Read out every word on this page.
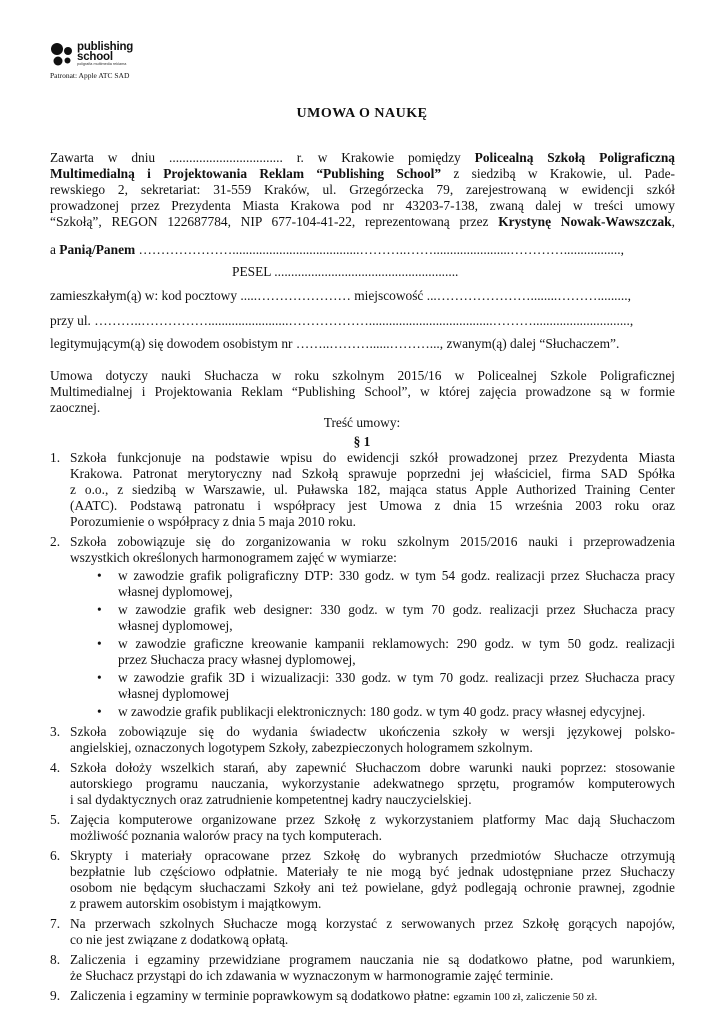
publishing
school
poligrafia multimedia reklama
Patronat: Apple ATC SAD
UMOWA O NAUKĘ
Zawarta w dniu .................................. r. w Krakowie pomiędzy Policealną Szkołą Poligraficzną
Multimedialną i Projektowania Reklam “Publishing School” z siedzibą w Krakowie, ul. Pade-
rewskiego 2, sekretariat: 31-559 Kraków, ul. Grzegórzecka 79, zarejestrowaną w ewidencji szkół
prowadzonej przez Prezydenta Miasta Krakowa pod nr 43203-7-138, zwaną dalej w treści umowy
“Szkołą”, REGON 122687784, NIP 677-104-41-22, reprezentowaną przez Krystynę Nowak-Wawszczak,
a Panią/Panem …………………......................................………..…….......................………….................,
PESEL .......................................................
zamieszkałym(ą) w: kod pocztowy .....………………… miejscowość ...…………………........……….........,
przy ul. ………..……………........................……………….....................................……….............................,
legitymującym(ą) się dowodem osobistym nr ……..………......………..., zwanym(ą) dalej “Słuchaczem”.
Umowa dotyczy nauki Słuchacza w roku szkolnym 2015/16 w Policealnej Szkole Poligraficznej
Multimedialnej i Projektowania Reklam “Publishing School”, w której zajęcia prowadzone są w formie
zaocznej.
Treść umowy:
§ 1
1. Szkoła funkcjonuje na podstawie wpisu do ewidencji szkół prowadzonej przez Prezydenta Miasta
Krakowa. Patronat merytoryczny nad Szkołą sprawuje poprzedni jej właściciel, firma SAD Spółka
z o.o., z siedzibą w Warszawie, ul. Puławska 182, mająca status Apple Authorized Training Center
(AATC). Podstawą patronatu i współpracy jest Umowa z dnia 15 września 2003 roku oraz
Porozumienie o współpracy z dnia 5 maja 2010 roku.
2. Szkoła zobowiązuje się do zorganizowania w roku szkolnym 2015/2016 nauki i przeprowadzenia
wszystkich określonych harmonogramem zajęć w wymiarze:
• w zawodzie grafik poligraficzny DTP: 330 godz. w tym 54 godz. realizacji przez Słuchacza pracy
własnej dyplomowej,
• w zawodzie grafik web designer: 330 godz. w tym 70 godz. realizacji przez Słuchacza pracy
własnej dyplomowej,
• w zawodzie graficzne kreowanie kampanii reklamowych: 290 godz. w tym 50 godz. realizacji
przez Słuchacza pracy własnej dyplomowej,
• w zawodzie grafik 3D i wizualizacji: 330 godz. w tym 70 godz. realizacji przez Słuchacza pracy
własnej dyplomowej
• w zawodzie grafik publikacji elektronicznych: 180 godz. w tym 40 godz. pracy własnej edycyjnej.
3. Szkoła zobowiązuje się do wydania świadectw ukończenia szkoły w wersji językowej polsko-
angielskiej, oznaczonych logotypem Szkoły, zabezpieczonych hologramem szkolnym.
4. Szkoła dołoży wszelkich starań, aby zapewnić Słuchaczom dobre warunki nauki poprzez: stosowanie
autorskiego programu nauczania, wykorzystanie adekwatnego sprzętu, programów komputerowych
i sal dydaktycznych oraz zatrudnienie kompetentnej kadry nauczycielskiej.
5. Zajęcia komputerowe organizowane przez Szkołę z wykorzystaniem platformy Mac dają Słuchaczom
możliwość poznania walorów pracy na tych komputerach.
6. Skrypty i materiały opracowane przez Szkołę do wybranych przedmiotów Słuchacze otrzymują
bezpłatnie lub częściowo odpłatnie. Materiały te nie mogą być jednak udostępniane przez Słuchaczy
osobom nie będącym słuchaczami Szkoły ani też powielane, gdyż podlegają ochronie prawnej, zgodnie
z prawem autorskim osobistym i majątkowym.
7. Na przerwach szkolnych Słuchacze mogą korzystać z serwowanych przez Szkołę gorących napojów,
co nie jest związane z dodatkową opłatą.
8. Zaliczenia i egzaminy przewidziane programem nauczania nie są dodatkowo płatne, pod warunkiem,
że Słuchacz przystąpi do ich zdawania w wyznaczonym w harmonogramie zajęć terminie.
9. Zaliczenia i egzaminy w terminie poprawkowym są dodatkowo płatne: egzamin 100 zł, zaliczenie 50 zł.
